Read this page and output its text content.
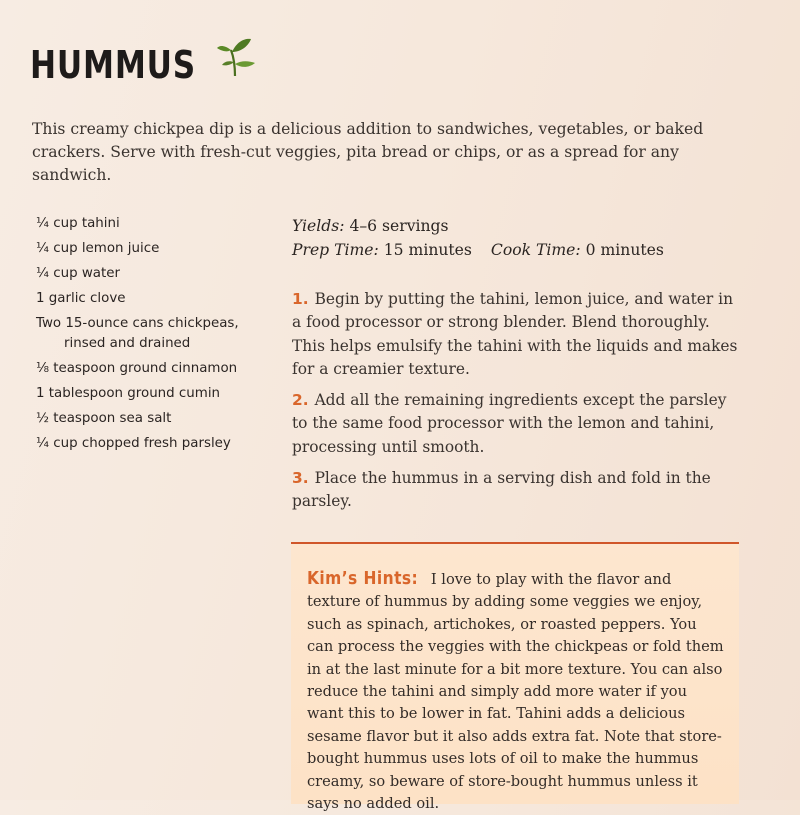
HUMMUS

This creamy chickpea dip is a delicious addition to sandwiches, vegetables, or baked crackers. Serve with fresh-cut veggies, pita bread or chips, or as a spread for any sandwich.

¼ cup tahini
¼ cup lemon juice
¼ cup water
1 garlic clove
Two 15-ounce cans chickpeas, rinsed and drained
⅛ teaspoon ground cinnamon
1 tablespoon ground cumin
½ teaspoon sea salt
¼ cup chopped fresh parsley
Yields: 4–6 servings
Prep Time: 15 minutes Cook Time: 0 minutes
1. Begin by putting the tahini, lemon juice, and water in a food processor or strong blender. Blend thoroughly. This helps emulsify the tahini with the liquids and makes for a creamier texture.
2. Add all the remaining ingredients except the parsley to the same food processor with the lemon and tahini, processing until smooth.
3. Place the hummus in a serving dish and fold in the parsley.

Kim’s Hints: I love to play with the flavor and texture of hummus by adding some veggies we enjoy, such as spinach, artichokes, or roasted peppers. You can process the veggies with the chickpeas or fold them in at the last minute for a bit more texture. You can also reduce the tahini and simply add more water if you want this to be lower in fat. Tahini adds a delicious sesame flavor but it also adds extra fat. Note that store-bought hummus uses lots of oil to make the hummus creamy, so beware of store-bought hummus unless it says no added oil.
